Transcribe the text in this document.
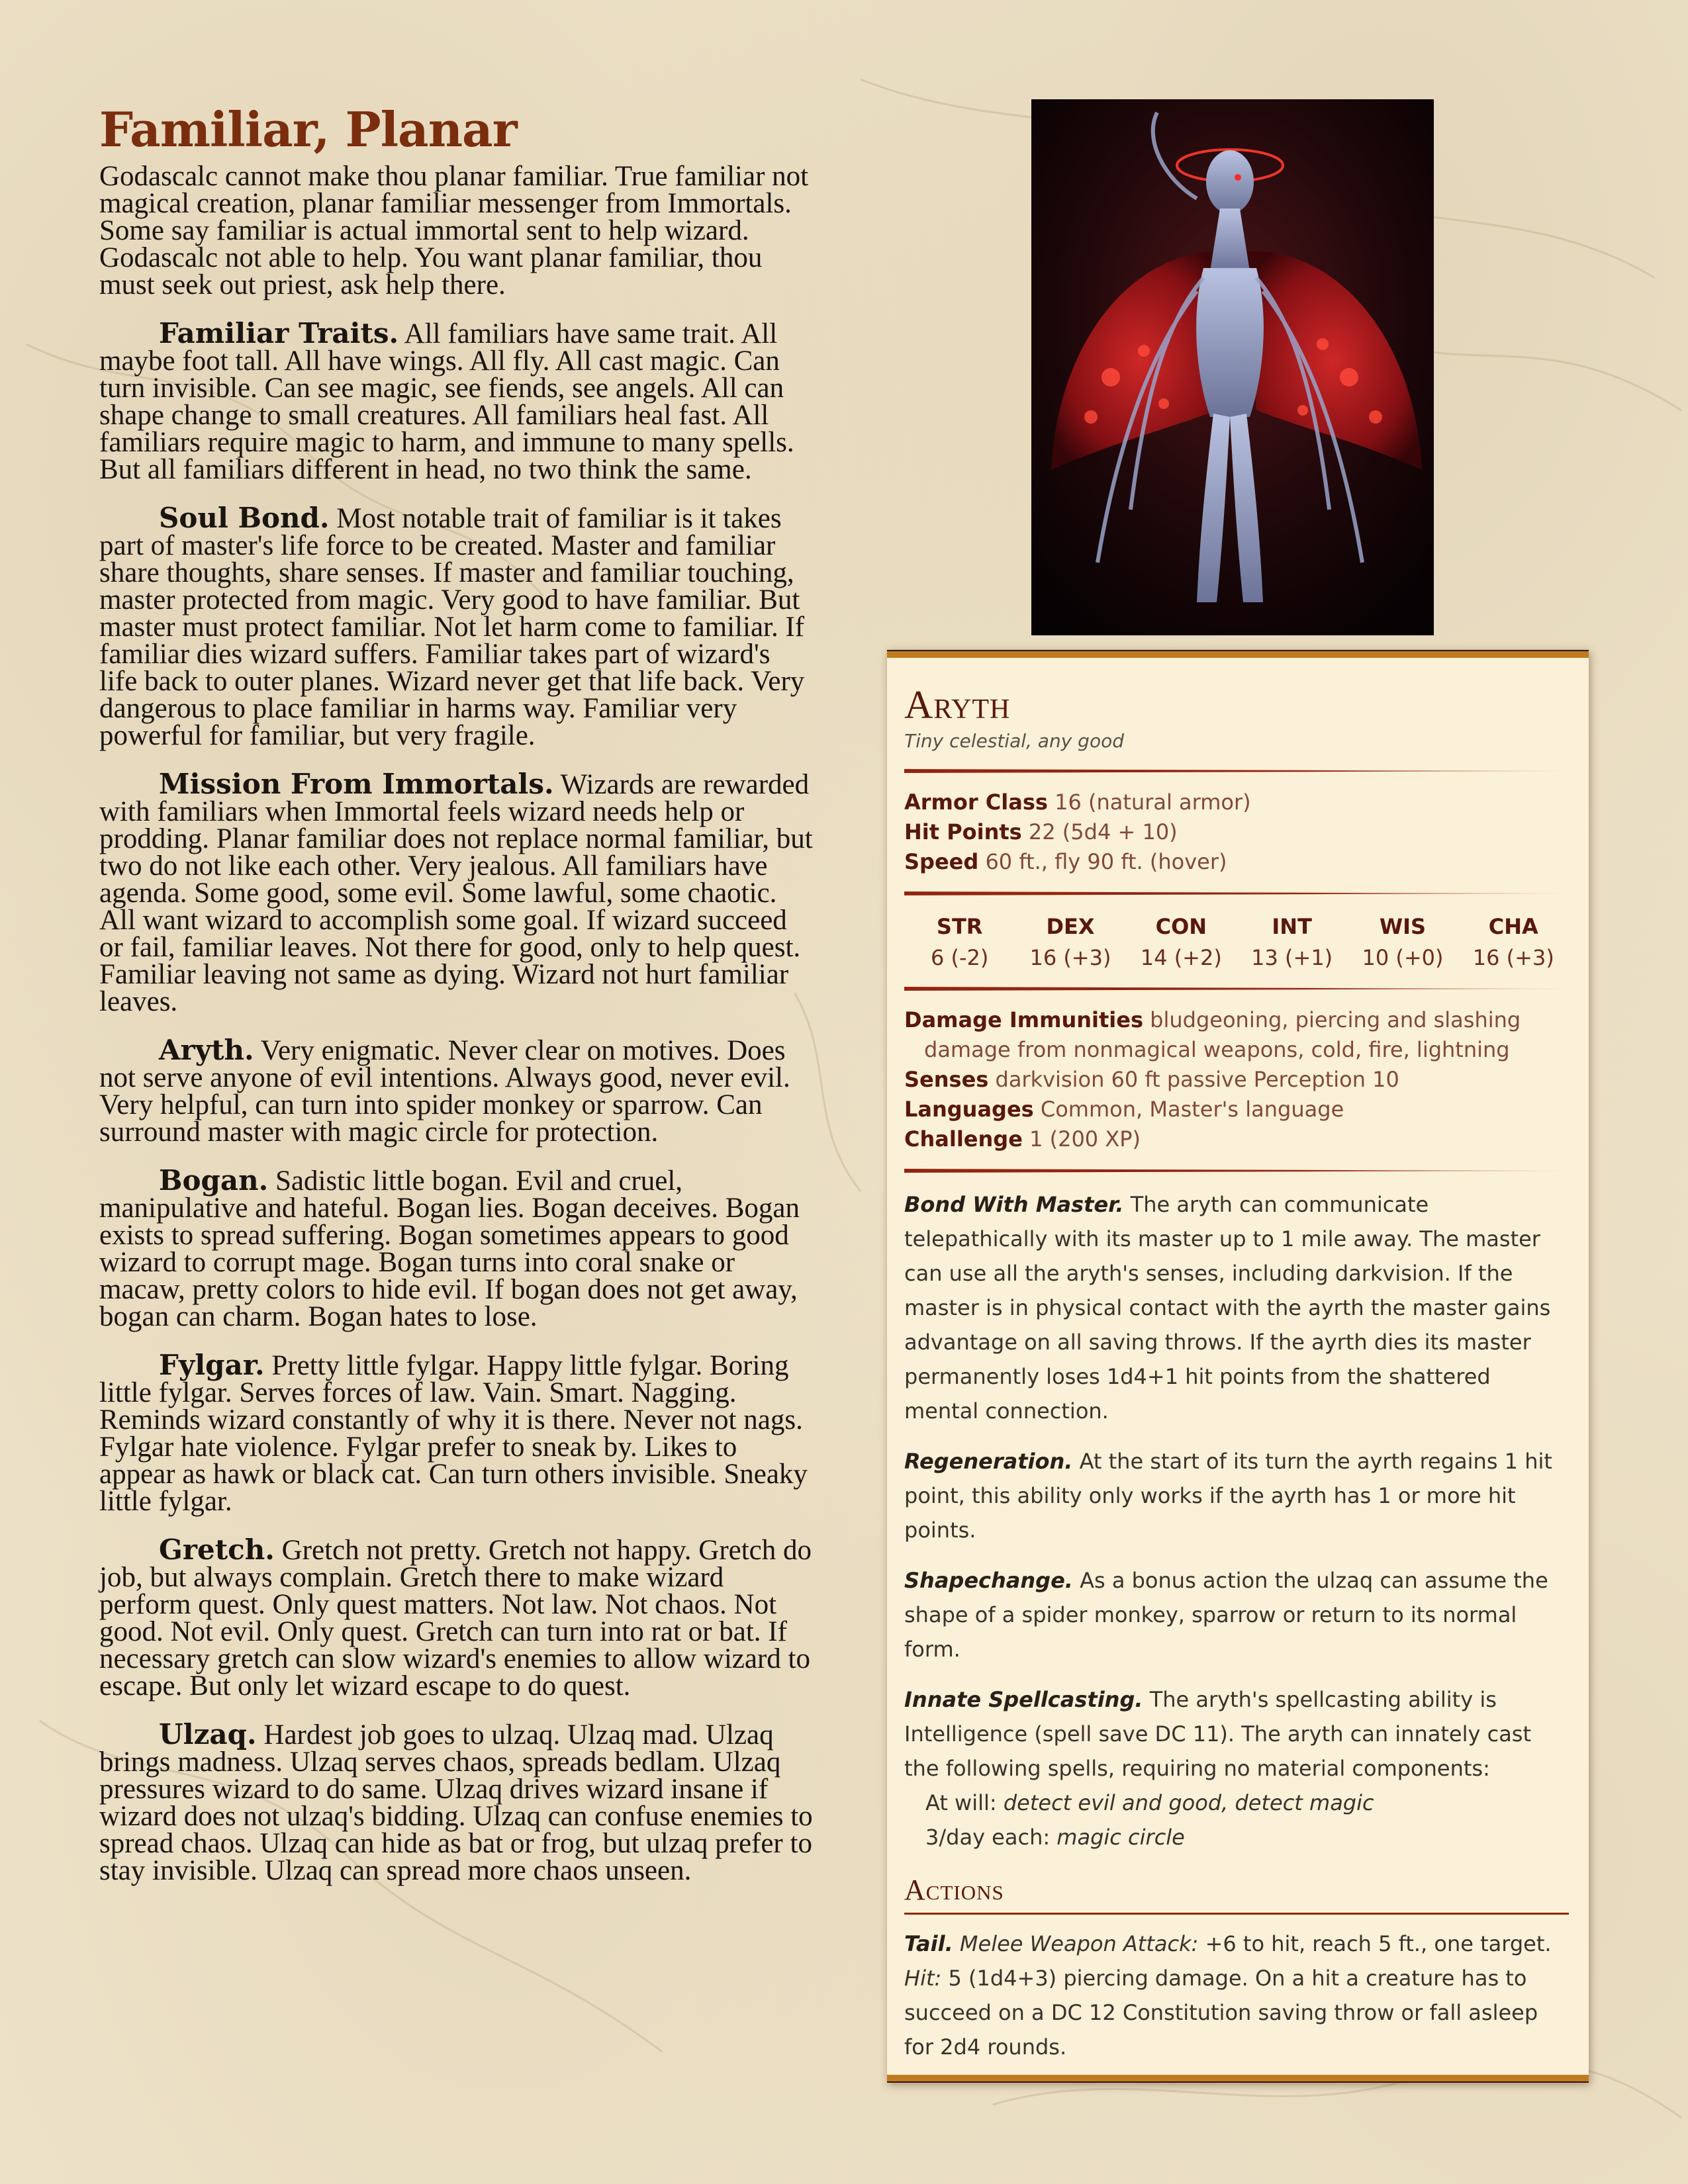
Familiar, Planar

Godascalc cannot make thou planar familiar. True familiar not magical creation, planar familiar messenger from Immortals. Some say familiar is actual immortal sent to help wizard. Godascalc not able to help. You want planar familiar, thou must seek out priest, ask help there.

Familiar Traits. All familiars have same trait. All maybe foot tall. All have wings. All fly. All cast magic. Can turn invisible. Can see magic, see fiends, see angels. All can shape change to small creatures. All familiars heal fast. All familiars require magic to harm, and immune to many spells. But all familiars different in head, no two think the same.

Soul Bond. Most notable trait of familiar is it takes part of master's life force to be created. Master and familiar share thoughts, share senses. If master and familiar touching, master protected from magic. Very good to have familiar. But master must protect familiar. Not let harm come to familiar. If familiar dies wizard suffers. Familiar takes part of wizard's life back to outer planes. Wizard never get that life back. Very dangerous to place familiar in harms way. Familiar very powerful for familiar, but very fragile.

Mission From Immortals. Wizards are rewarded with familiars when Immortal feels wizard needs help or prodding. Planar familiar does not replace normal familiar, but two do not like each other. Very jealous. All familiars have agenda. Some good, some evil. Some lawful, some chaotic. All want wizard to accomplish some goal. If wizard succeed or fail, familiar leaves. Not there for good, only to help quest. Familiar leaving not same as dying. Wizard not hurt familiar leaves.

Aryth. Very enigmatic. Never clear on motives. Does not serve anyone of evil intentions. Always good, never evil. Very helpful, can turn into spider monkey or sparrow. Can surround master with magic circle for protection.

Bogan. Sadistic little bogan. Evil and cruel, manipulative and hateful. Bogan lies. Bogan deceives. Bogan exists to spread suffering. Bogan sometimes appears to good wizard to corrupt mage. Bogan turns into coral snake or macaw, pretty colors to hide evil. If bogan does not get away, bogan can charm. Bogan hates to lose.

Fylgar. Pretty little fylgar. Happy little fylgar. Boring little fylgar. Serves forces of law. Vain. Smart. Nagging. Reminds wizard constantly of why it is there. Never not nags. Fylgar hate violence. Fylgar prefer to sneak by. Likes to appear as hawk or black cat. Can turn others invisible. Sneaky little fylgar.

Gretch. Gretch not pretty. Gretch not happy. Gretch do job, but always complain. Gretch there to make wizard perform quest. Only quest matters. Not law. Not chaos. Not good. Not evil. Only quest. Gretch can turn into rat or bat. If necessary gretch can slow wizard's enemies to allow wizard to escape. But only let wizard escape to do quest.

Ulzaq. Hardest job goes to ulzaq. Ulzaq mad. Ulzaq brings madness. Ulzaq serves chaos, spreads bedlam. Ulzaq pressures wizard to do same. Ulzaq drives wizard insane if wizard does not ulzaq's bidding. Ulzaq can confuse enemies to spread chaos. Ulzaq can hide as bat or frog, but ulzaq prefer to stay invisible. Ulzaq can spread more chaos unseen.

Aryth
Tiny celestial, any good

Armor Class 16 (natural armor)

Hit Points 22 (5d4 + 10)

Speed 60 ft., fly 90 ft. (hover)

STR
6 (-2)
DEX
16 (+3)
CON
14 (+2)
INT
13 (+1)
WIS
10 (+0)
CHA
16 (+3)

Damage Immunities bludgeoning, piercing and slashing damage from nonmagical weapons, cold, fire, lightning

Senses darkvision 60 ft passive Perception 10

Languages Common, Master's language

Challenge 1 (200 XP)

Bond With Master. The aryth can communicate telepathically with its master up to 1 mile away. The master can use all the aryth's senses, including darkvision. If the master is in physical contact with the ayrth the master gains advantage on all saving throws. If the ayrth dies its master permanently loses 1d4+1 hit points from the shattered mental connection.

Regeneration. At the start of its turn the ayrth regains 1 hit point, this ability only works if the ayrth has 1 or more hit points.

Shapechange. As a bonus action the ulzaq can assume the shape of a spider monkey, sparrow or return to its normal form.

Innate Spellcasting. The aryth's spellcasting ability is Intelligence (spell save DC 11). The aryth can innately cast the following spells, requiring no material components:

At will: detect evil and good, detect magic

3/day each: magic circle

Actions

Tail. Melee Weapon Attack: +6 to hit, reach 5 ft., one target. Hit: 5 (1d4+3) piercing damage. On a hit a creature has to succeed on a DC 12 Constitution saving throw or fall asleep for 2d4 rounds.
